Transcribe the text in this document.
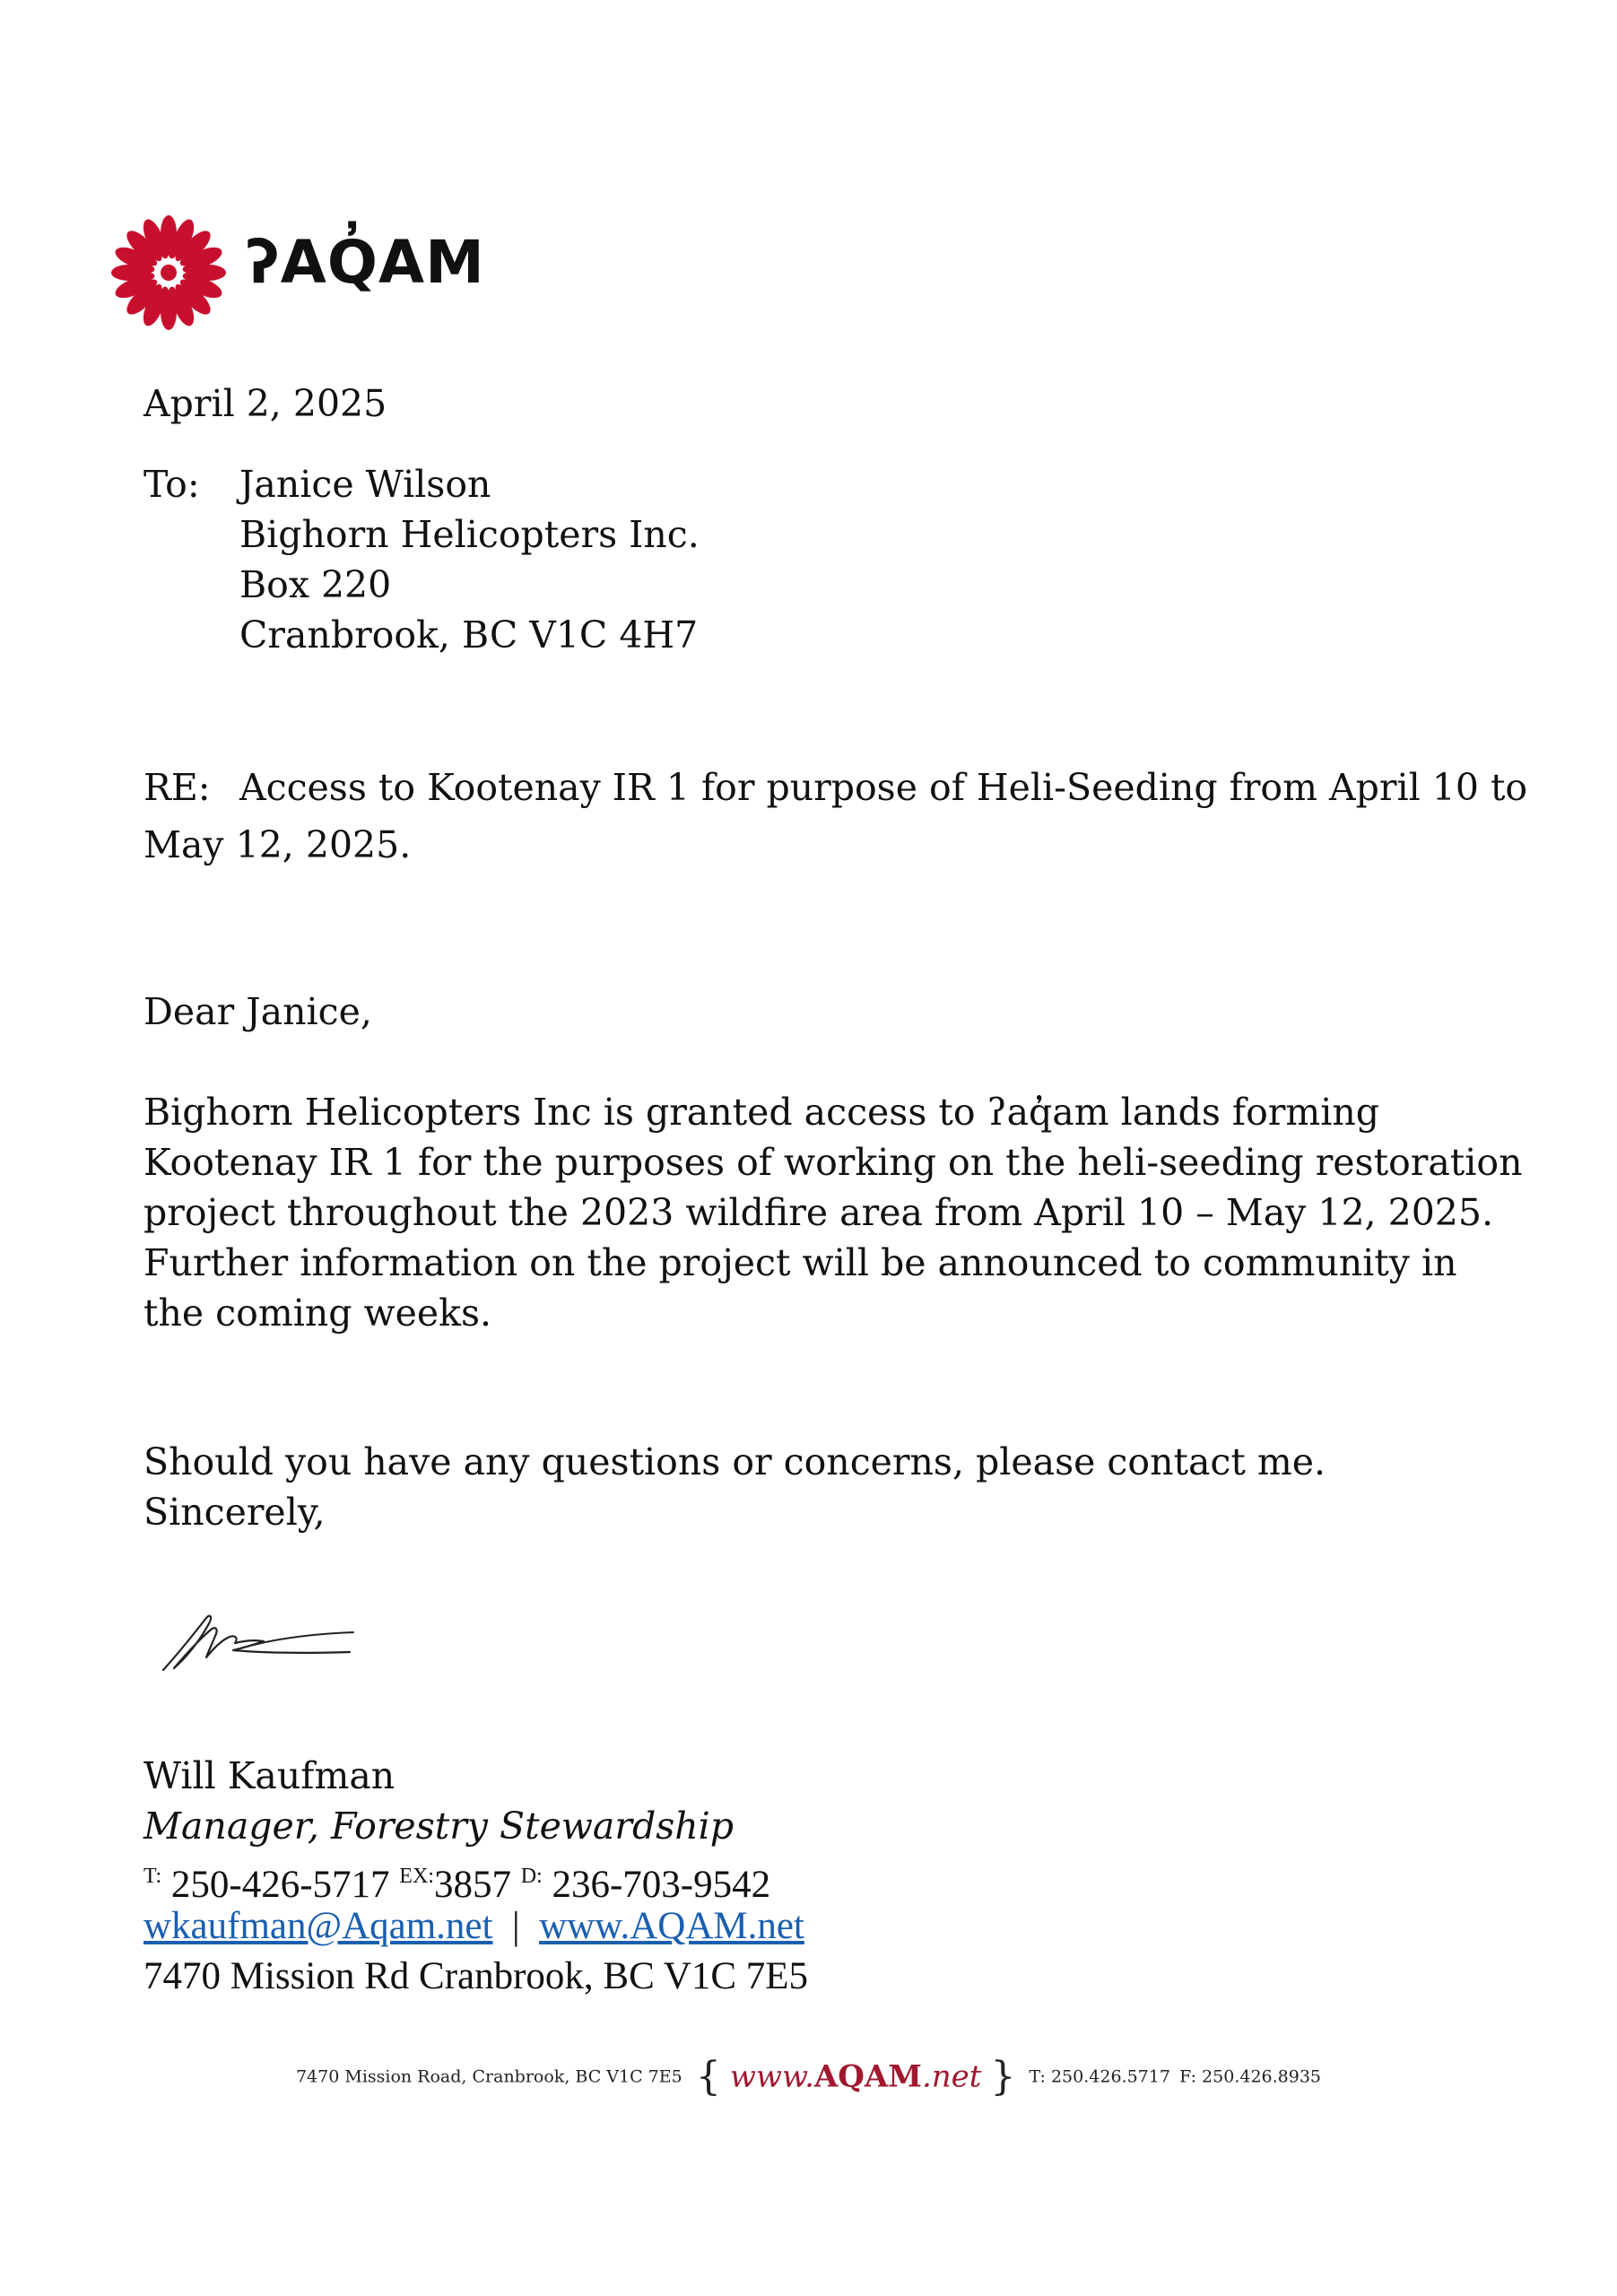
ʔAQ̓AM
April 2, 2025
To: Janice Wilson
Bighorn Helicopters Inc.
Box 220
Cranbrook, BC V1C 4H7
RE: Access to Kootenay IR 1 for purpose of Heli-Seeding from April 10 to
May 12, 2025.
Dear Janice,
Bighorn Helicopters Inc is granted access to ʔaq̓am lands forming
Kootenay IR 1 for the purposes of working on the heli-seeding restoration
project throughout the 2023 wildfire area from April 10 – May 12, 2025.
Further information on the project will be announced to community in
the coming weeks.
Should you have any questions or concerns, please contact me.
Sincerely,
Will Kaufman
Manager, Forestry Stewardship
$^{T:}$ 250-426-5717 $^{EX:}$3857 $^{D:}$ 236-703-9542
wkaufman@Aqam.net | www.AQAM.net
7470 Mission Rd Cranbrook, BC V1C 7E5
7470 Mission Road, Cranbrook, BC V1C 7E5 { www.AQAM.net } T: 250.426.5717 F: 250.426.8935
